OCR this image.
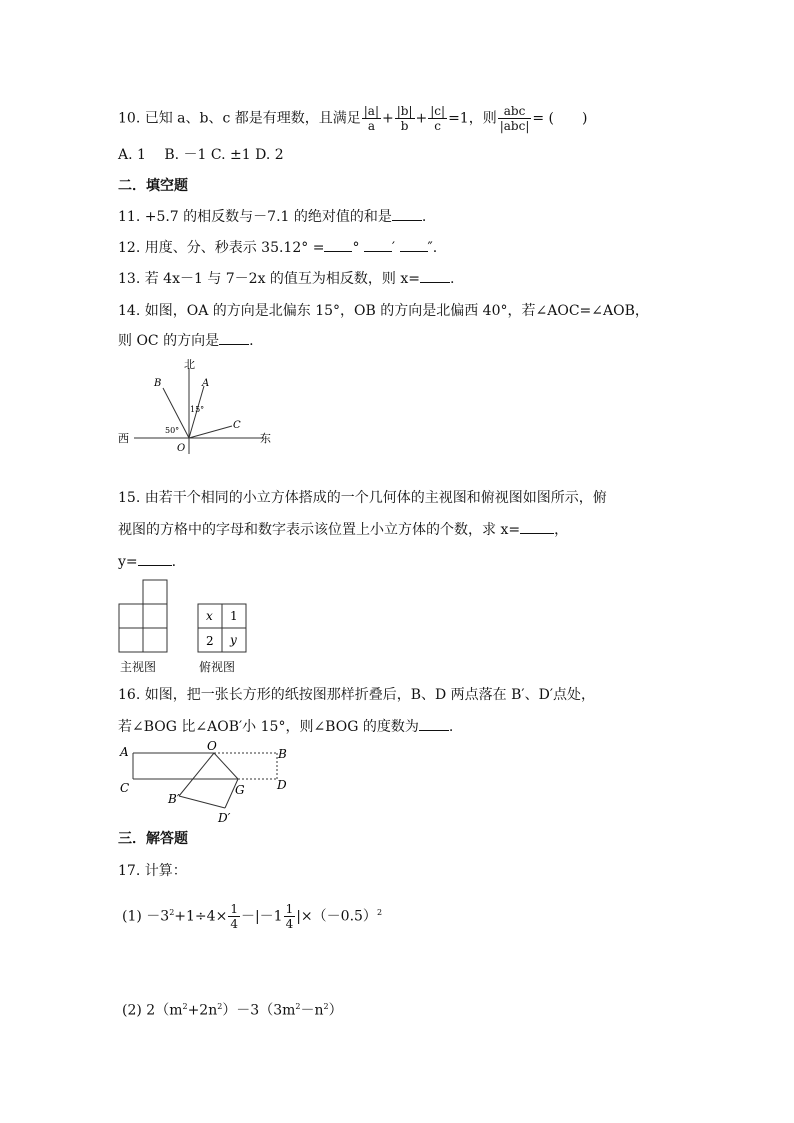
10. 已知 a、b、c 都是有理数，且满足 $\frac{|a|}{a} + \frac{|b|}{b} + \frac{|c|}{c} =1$，则 $\frac{\text{abc}}{\text{|abc|}}$ = (　　)
A. 1　 B. －1 C. ±1 D. 2
二．填空题
11. +5.7 的相反数与－7.1 的绝对值的和是 .
12. 用度、分、秒表示 35.12° = ° ′ ″.
13. 若 4x－1 与 7－2x 的值互为相反数，则 x= .
14. 如图，OA 的方向是北偏东 15°，OB 的方向是北偏西 40°，若∠AOC=∠AOB，
则 OC 的方向是 .
北
西	东
B	A
C
O
15°
50°
15. 由若干个相同的小立方体搭成的一个几何体的主视图和俯视图如图所示，俯
视图的方格中的字母和数字表示该位置上小立方体的个数，求 x= ，
y= .
主视图
x 1
2 y
俯视图
16. 如图，把一张长方形的纸按图那样折叠后，B、D 两点落在 B′、D′点处，
若∠BOG 比∠AOB′小 15°，则∠BOG 的度数为 .
A	B
C	D
O
G
B′
D′
三．解答题
17. 计算：
$(1) -3^2+1\div 4\times \frac{1}{4} -|-1 \frac{1}{4} |\times(-0.5)^2$
(2) $2(m^2+2n^2)-3(3m^2-n^2)$
